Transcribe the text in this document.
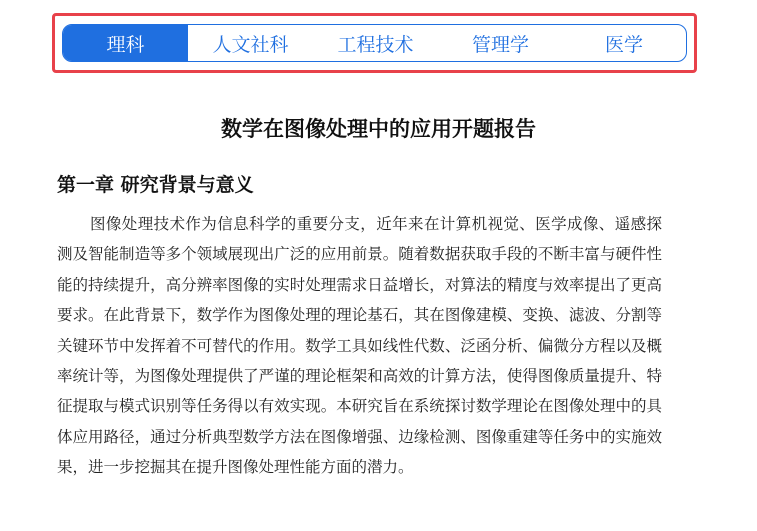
理科	人文社科	工程技术	管理学	医学
数学在图像处理中的应用开题报告
第一章 研究背景与意义
图像处理技术作为信息科学的重要分支，近年来在计算机视觉、医学成像、遥感探测及智能制造等多个领域展现出广泛的应用前景。随着数据获取手段的不断丰富与硬件性能的持续提升，高分辨率图像的实时处理需求日益增长，对算法的精度与效率提出了更高要求。在此背景下，数学作为图像处理的理论基石，其在图像建模、变换、滤波、分割等关键环节中发挥着不可替代的作用。数学工具如线性代数、泛函分析、偏微分方程以及概率统计等，为图像处理提供了严谨的理论框架和高效的计算方法，使得图像质量提升、特征提取与模式识别等任务得以有效实现。本研究旨在系统探讨数学理论在图像处理中的具体应用路径，通过分析典型数学方法在图像增强、边缘检测、图像重建等任务中的实施效果，进一步挖掘其在提升图像处理性能方面的潜力。
